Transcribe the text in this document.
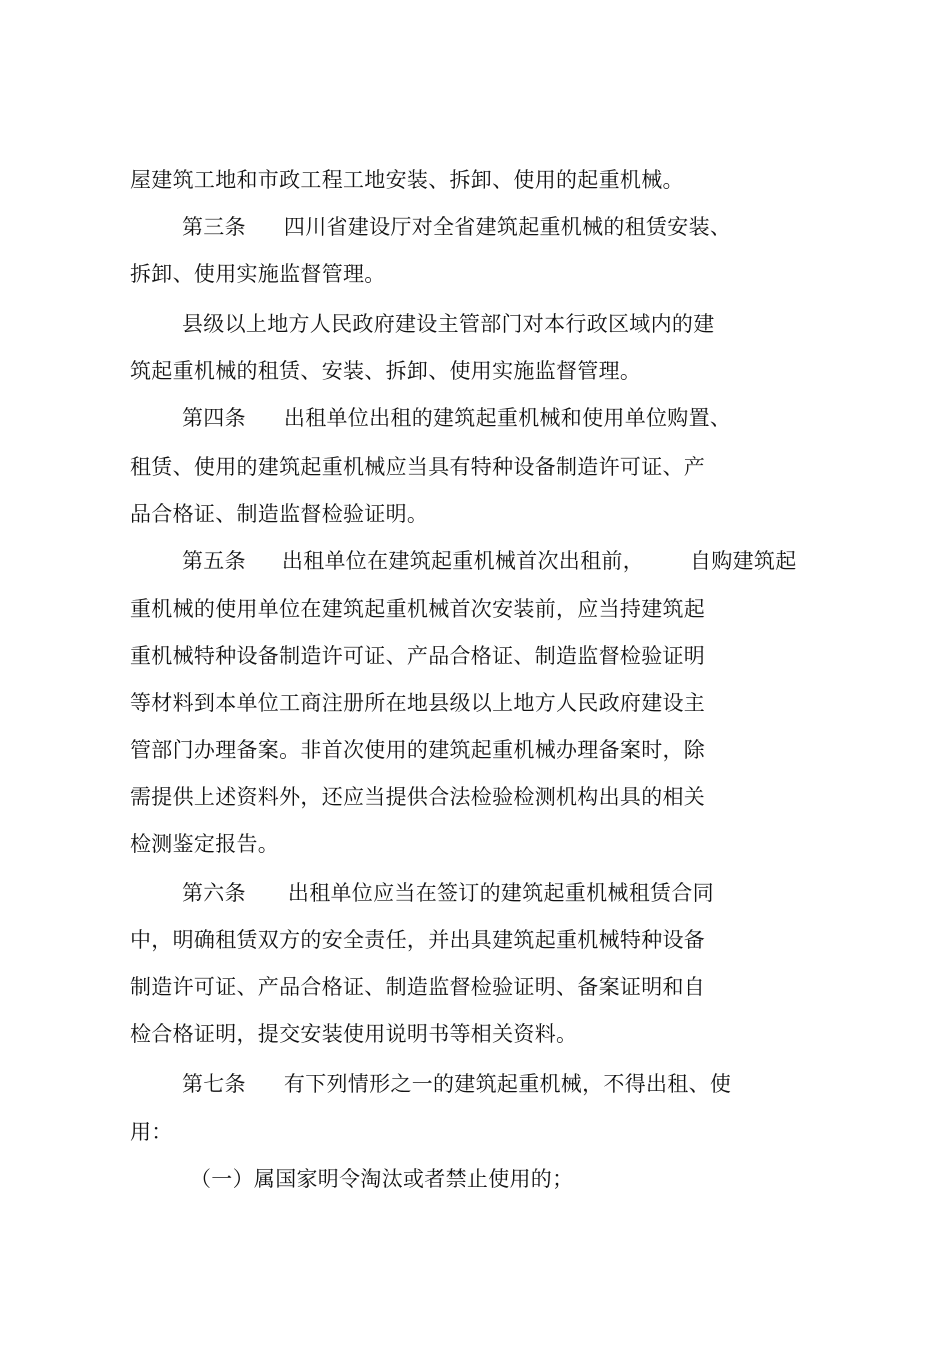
屋建筑工地和市政工程工地安装、拆卸、使用的起重机械。
第三条 四川省建设厅对全省建筑起重机械的租赁安装、
拆卸、使用实施监督管理。
县级以上地方人民政府建设主管部门对本行政区域内的建
筑起重机械的租赁、安装、拆卸、使用实施监督管理。
第四条 出租单位出租的建筑起重机械和使用单位购置、
租赁、使用的建筑起重机械应当具有特种设备制造许可证、产
品合格证、制造监督检验证明。
第五条 出租单位在建筑起重机械首次出租前， 自购建筑起
重机械的使用单位在建筑起重机械首次安装前，应当持建筑起
重机械特种设备制造许可证、产品合格证、制造监督检验证明
等材料到本单位工商注册所在地县级以上地方人民政府建设主
管部门办理备案。非首次使用的建筑起重机械办理备案时，除
需提供上述资料外，还应当提供合法检验检测机构出具的相关
检测鉴定报告。
第六条 出租单位应当在签订的建筑起重机械租赁合同
中，明确租赁双方的安全责任，并出具建筑起重机械特种设备
制造许可证、产品合格证、制造监督检验证明、备案证明和自
检合格证明，提交安装使用说明书等相关资料。
第七条 有下列情形之一的建筑起重机械，不得出租、使
用：
（一）属国家明令淘汰或者禁止使用的；
